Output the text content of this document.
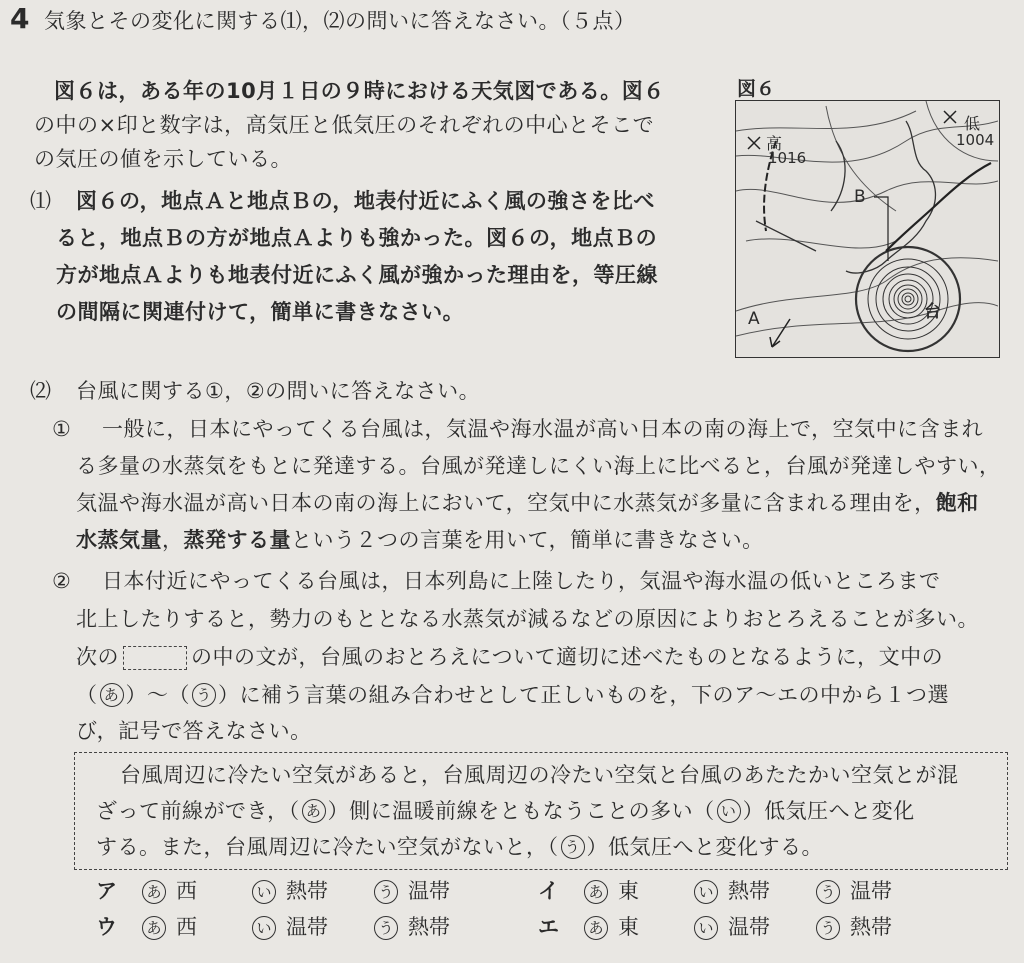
4 気象とその変化に関する⑴，⑵の問いに答えなさい。（５点）
図６は，ある年の10月１日の９時における天気図である。図６
の中の×印と数字は，高気圧と低気圧のそれぞれの中心とそこで
の気圧の値を示している。
⑴ 図６の，地点Ａと地点Ｂの，地表付近にふく風の強さを比べ
ると，地点Ｂの方が地点Ａよりも強かった。図６の，地点Ｂの
方が地点Ａよりも地表付近にふく風が強かった理由を，等圧線
の間隔に関連付けて，簡単に書きなさい。
図６
高
1016
低
1004
台
A
B
⑵ 台風に関する①，②の問いに答えなさい。
① 一般に，日本にやってくる台風は，気温や海水温が高い日本の南の海上で，空気中に含まれ
る多量の水蒸気をもとに発達する。台風が発達しにくい海上に比べると，台風が発達しやすい，
気温や海水温が高い日本の南の海上において，空気中に水蒸気が多量に含まれる理由を，飽和
水蒸気量，蒸発する量という２つの言葉を用いて，簡単に書きなさい。
② 日本付近にやってくる台風は，日本列島に上陸したり，気温や海水温の低いところまで
北上したりすると，勢力のもととなる水蒸気が減るなどの原因によりおとろえることが多い。
次の	の中の文が，台風のおとろえについて適切に述べたものとなるように，文中の
（ あ ）～（ う ）に補う言葉の組み合わせとして正しいものを，下のア～エの中から１つ選
び，記号で答えなさい。
台風周辺に冷たい空気があると，台風周辺の冷たい空気と台風のあたたかい空気とが混
ざって前線ができ，（ あ ）側に温暖前線をともなうことの多い（ い ）低気圧へと変化
する。また，台風周辺に冷たい空気がないと，（ う ）低気圧へと変化する。
ア あ 西	い 熱帯	う 温帯	イ あ 東	い 熱帯	う 温帯
ウ あ 西	い 温帯	う 熱帯	エ あ 東	い 温帯	う 熱帯
